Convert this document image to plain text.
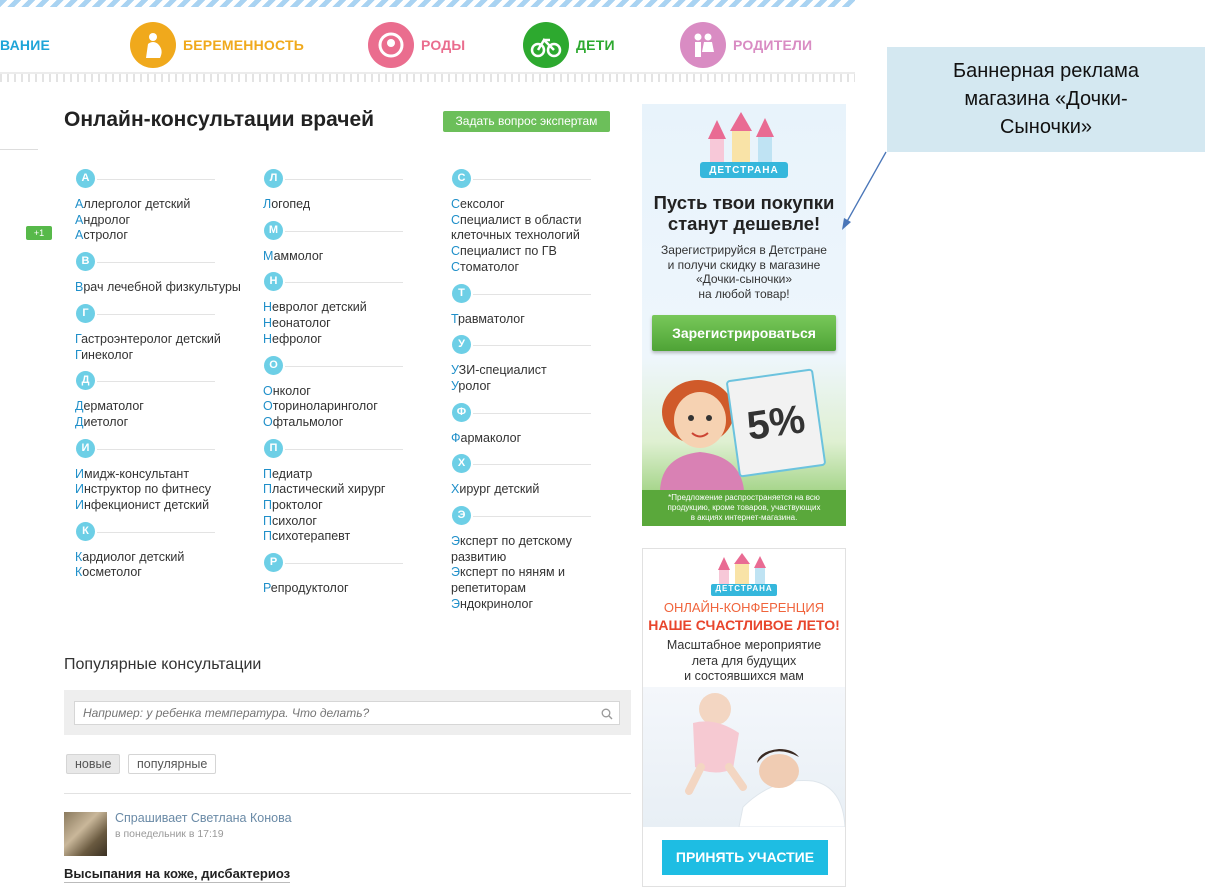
ВАНИЕ	БЕРЕМЕННОСТЬ	РОДЫ	ДЕТИ	РОДИТЕЛИ
+1
Онлайн-консультации врачей	Задать вопрос экспертам
А
Аллерголог детский
Андролог
Астролог
В
Врач лечебной физкультуры
Г
Гастроэнтеролог детский
Гинеколог
Д
Дерматолог
Диетолог
И
Имидж-консультант
Инструктор по фитнесу
Инфекционист детский
К
Кардиолог детский
Косметолог
Л
Логопед
М
Маммолог
Н
Невролог детский
Неонатолог
Нефролог
О
Онколог
Оториноларинголог
Офтальмолог
П
Педиатр
Пластический хирург
Проктолог
Психолог
Психотерапевт
Р
Репродуктолог
С
Сексолог
Специалист в области клеточных технологий
Специалист по ГВ
Стоматолог
Т
Травматолог
У
УЗИ-специалист
Уролог
Ф
Фармаколог
Х
Хирург детский
Э
Эксперт по детскому развитию
Эксперт по няням и репетиторам
Эндокринолог
Популярные консультации
Например: у ребенка температура. Что делать?
новые	популярные
Спрашивает Светлана Конова
в понедельник в 17:19
Высыпания на коже, дисбактериоз
ДЕТСТРАНА
Пусть твои покупки
станут дешевле!
Зарегистрируйся в Детстране
и получи скидку в магазине
«Дочки-сыночки»
на любой товар!
Зарегистрироваться
5%
*Предложение распространяется на всю
продукцию, кроме товаров, участвующих
в акциях интернет-магазина.
ДЕТСТРАНА
ОНЛАЙН-КОНФЕРЕНЦИЯ
НАШЕ СЧАСТЛИВОЕ ЛЕТО!
Масштабное мероприятие
лета для будущих
и состоявшихся мам
ПРИНЯТЬ УЧАСТИЕ
Баннерная реклама
магазина «Дочки-
Сыночки»
